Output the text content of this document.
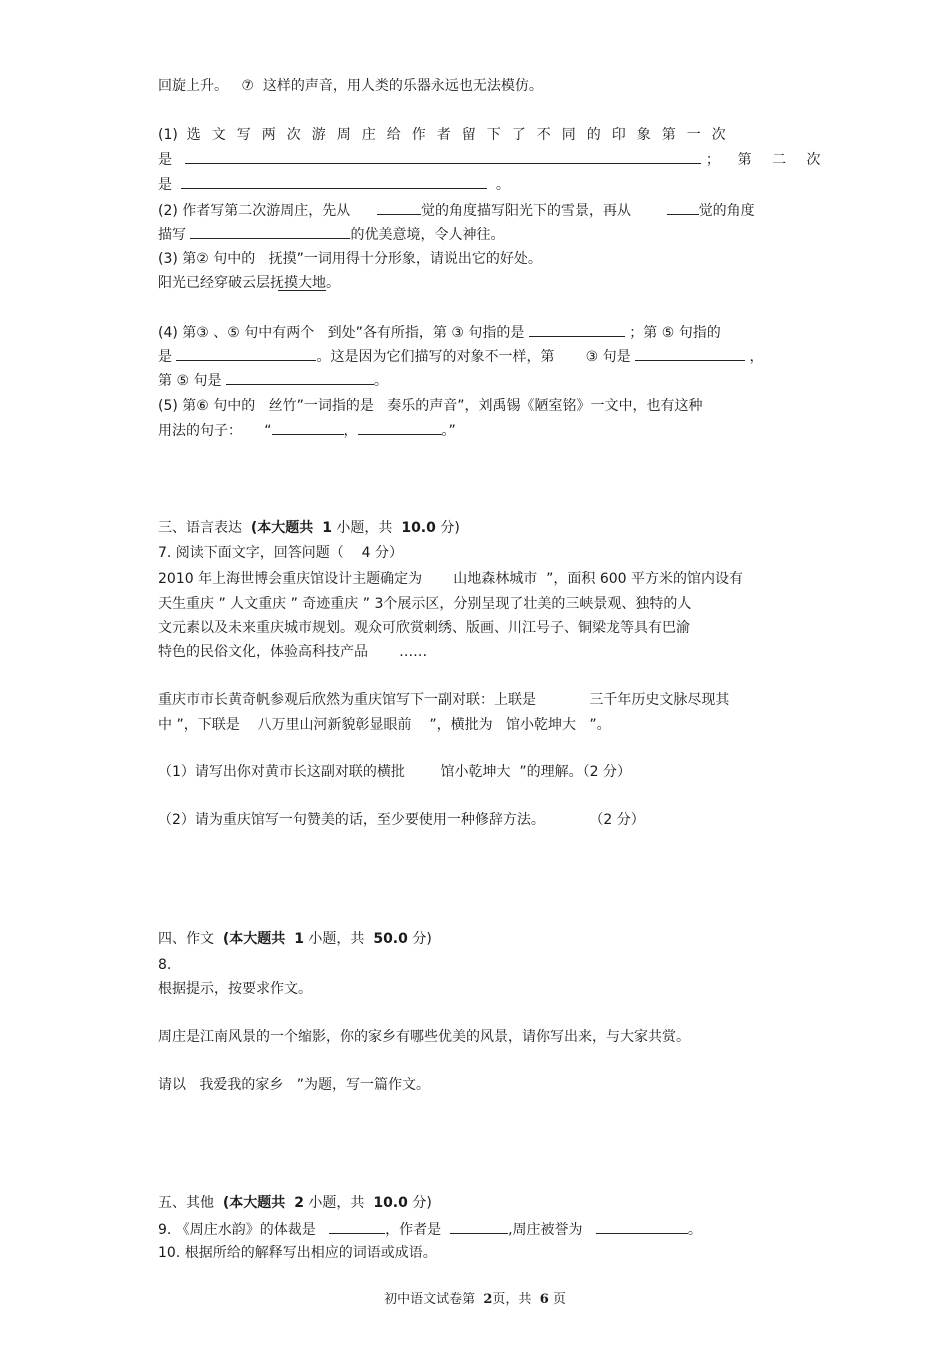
回旋上升。 ⑦ 这样的声音，用人类的乐器永远也无法模仿。
(1) 选文写两次游周庄给作者留下了不同的印象第一次
是	； 第 二 次
是	。
(2) 作者写第二次游周庄，先从	觉的角度描写阳光下的雪景，再从	觉的角度
描写	的优美意境，令人神往。
(3) 第② 句中的 抚摸”一词用得十分形象，请说出它的好处。
阳光已经穿破云层抚摸大地。
(4) 第③ 、⑤ 句中有两个 到处”各有所指，第 ③ 句指的是	；第 ⑤ 句指的
是	。这是因为它们描写的对象不一样，第 ③ 句是	，
第 ⑤ 句是	。
(5) 第⑥ 句中的 丝竹”一词指的是 奏乐的声音”，刘禹锡《陋室铭》一文中，也有这种
用法的句子： “	，	。”
三、语言表达 (本大题共 1 小题，共 10.0 分)
7. 阅读下面文字，回答问题（ 4 分）
2010 年上海世博会重庆馆设计主题确定为 山地森林城市 ”，面积 600 平方米的馆内设有
天生重庆 ” 人文重庆 ” 奇迹重庆 ” 3个展示区，分别呈现了壮美的三峡景观、独特的人
文元素以及未来重庆城市规划。观众可欣赏刺绣、版画、川江号子、铜梁龙等具有巴渝
特色的民俗文化，体验高科技产品 ……
重庆市市长黄奇帆参观后欣然为重庆馆写下一副对联：上联是	三千年历史文脉尽现其
中 ”，下联是 八万里山河新貌彰显眼前 ”，横批为 馆小乾坤大 ”。
（1）请写出你对黄市长这副对联的横批	馆小乾坤大 ”的理解。（2 分）
（2）请为重庆馆写一句赞美的话，至少要使用一种修辞方法。	（2 分）
四、作文 (本大题共 1 小题，共 50.0 分)
8.
根据提示，按要求作文。
周庄是江南风景的一个缩影，你的家乡有哪些优美的风景，请你写出来，与大家共赏。
请以 我爱我的家乡 ”为题，写一篇作文。
五、其他 (本大题共 2 小题，共 10.0 分)
9. 《周庄水韵》的体裁是	，作者是	,周庄被誉为	。
10. 根据所给的解释写出相应的词语或成语。
初中语文试卷第 2页，共 6 页
